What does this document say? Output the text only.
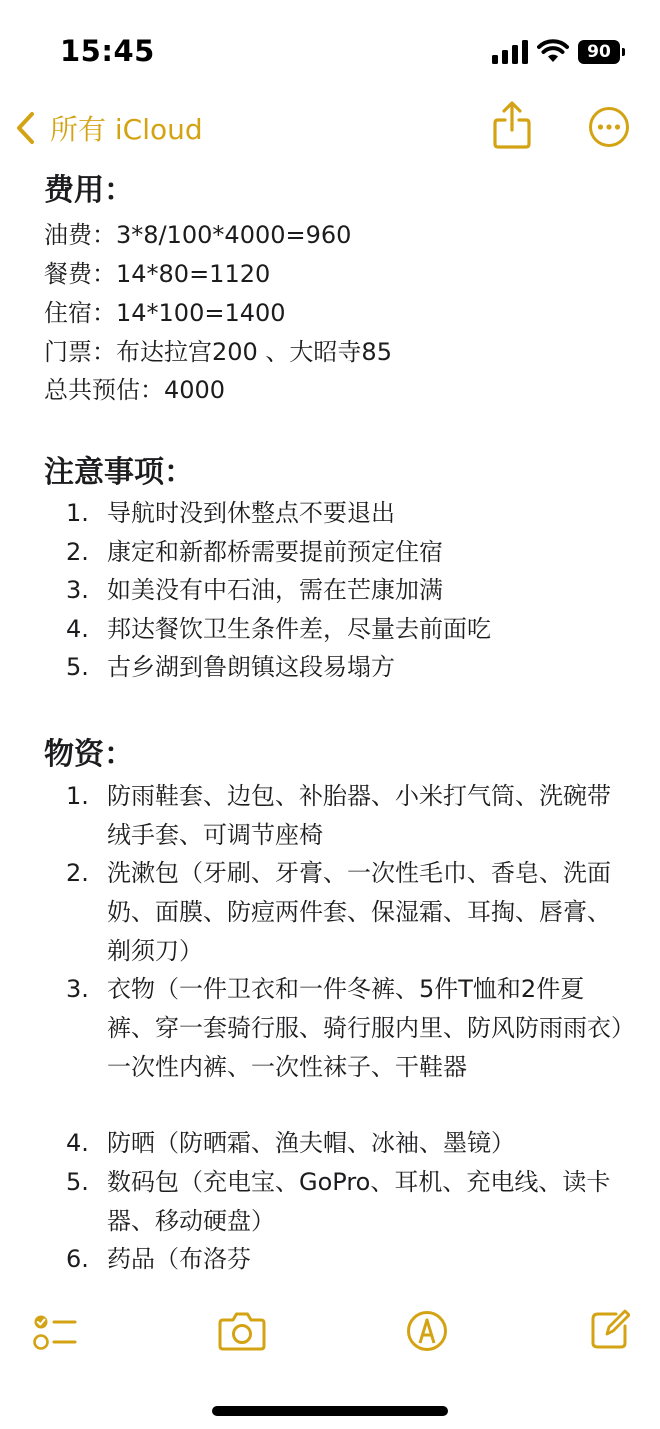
15:45	90
所有 iCloud
费用：
油费：3*8/100*4000=960
餐费：14*80=1120
住宿：14*100=1400
门票：布达拉宫200 、大昭寺85
总共预估：4000
注意事项：
1. 导航时没到休整点不要退出
2. 康定和新都桥需要提前预定住宿
3. 如美没有中石油，需在芒康加满
4. 邦达餐饮卫生条件差，尽量去前面吃
5. 古乡湖到鲁朗镇这段易塌方
物资：
1. 防雨鞋套、边包、补胎器、小米打气筒、洗碗带绒手套、可调节座椅
2. 洗漱包（牙刷、牙膏、一次性毛巾、香皂、洗面奶、面膜、防痘两件套、保湿霜、耳掏、唇膏、剃须刀）
3. 衣物（一件卫衣和一件冬裤、5件T恤和2件夏裤、穿一套骑行服、骑行服内里、防风防雨雨衣）一次性内裤、一次性袜子、干鞋器
4. 防晒（防晒霜、渔夫帽、冰袖、墨镜）
5. 数码包（充电宝、GoPro、耳机、充电线、读卡器、移动硬盘）
6. 药品（布洛芬
